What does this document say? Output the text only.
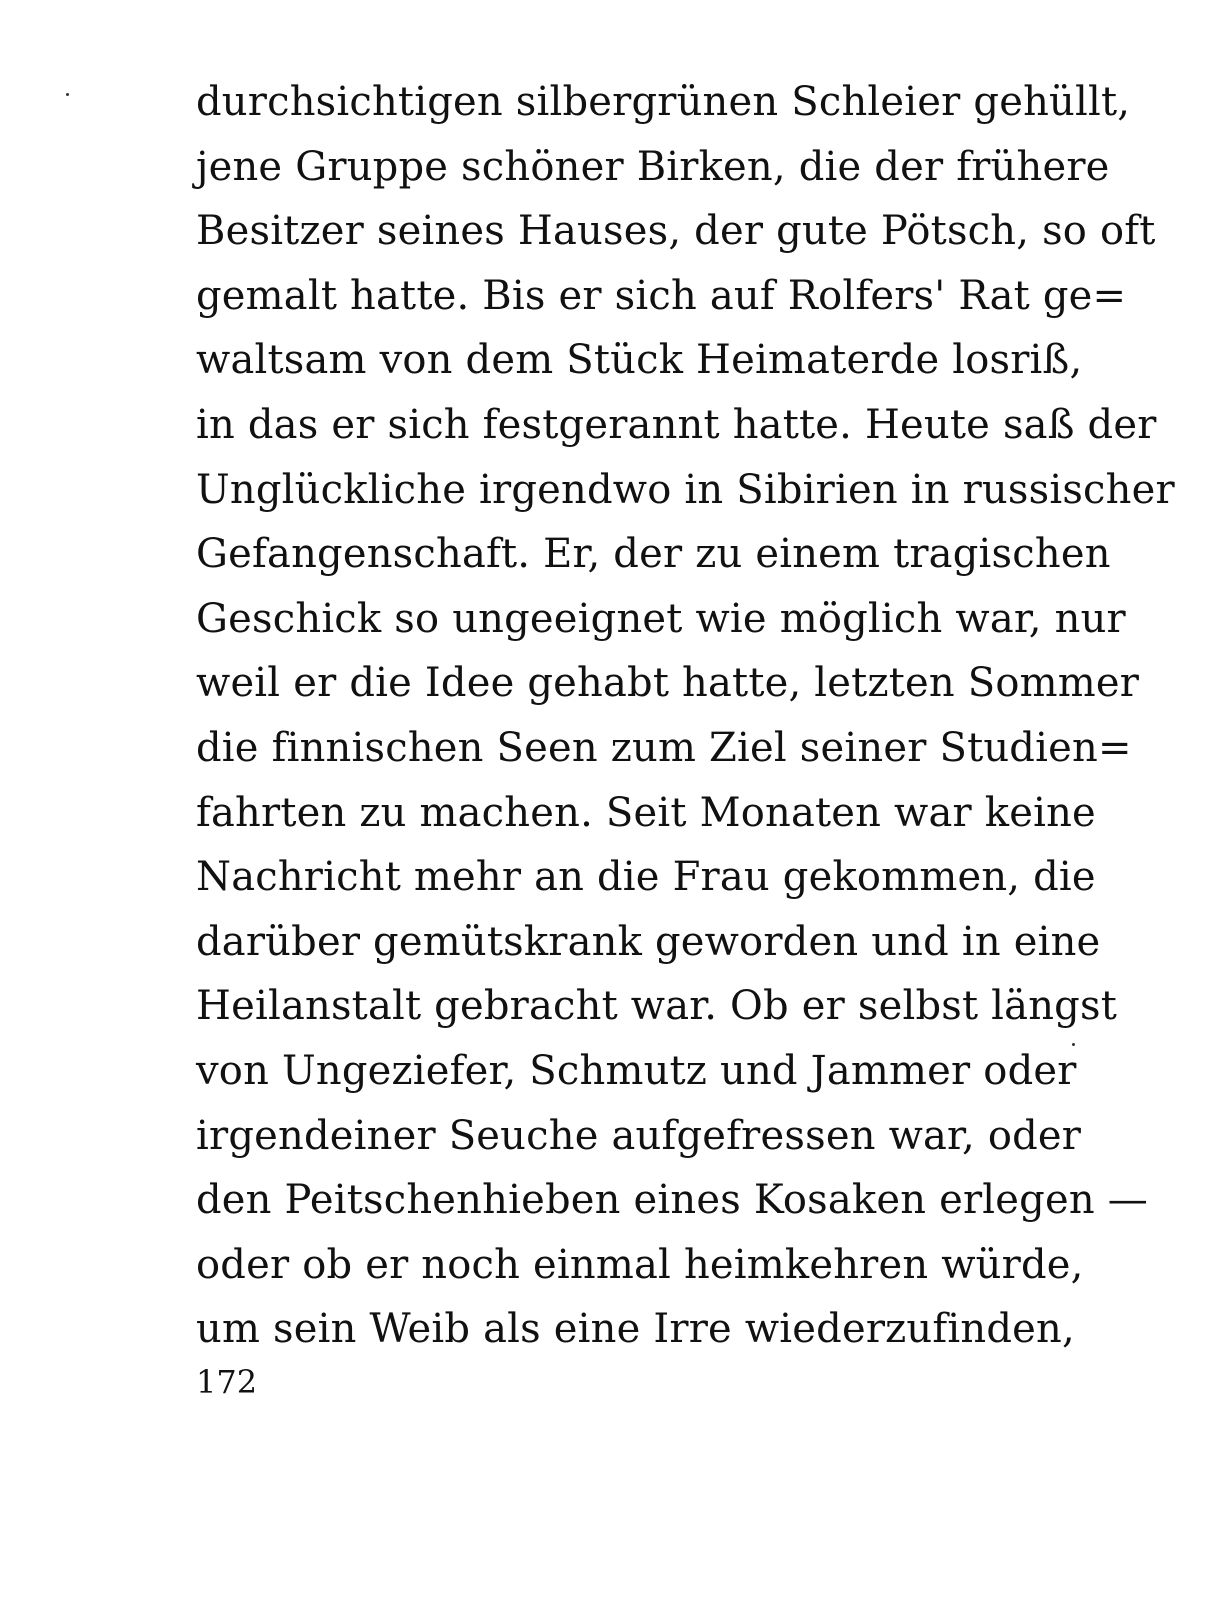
durchsichtigen silbergrünen Schleier gehüllt,
jene Gruppe schöner Birken, die der frühere
Besitzer seines Hauses, der gute Pötsch, so oft
gemalt hatte. Bis er sich auf Rolfers' Rat ge=
waltsam von dem Stück Heimaterde losriß,
in das er sich festgerannt hatte. Heute saß der
Unglückliche irgendwo in Sibirien in russischer
Gefangenschaft. Er, der zu einem tragischen
Geschick so ungeeignet wie möglich war, nur
weil er die Idee gehabt hatte, letzten Sommer
die finnischen Seen zum Ziel seiner Studien=
fahrten zu machen. Seit Monaten war keine
Nachricht mehr an die Frau gekommen, die
darüber gemütskrank geworden und in eine
Heilanstalt gebracht war. Ob er selbst längst
von Ungeziefer, Schmutz und Jammer oder
irgendeiner Seuche aufgefressen war, oder
den Peitschenhieben eines Kosaken erlegen —
oder ob er noch einmal heimkehren würde,
um sein Weib als eine Irre wiederzufinden,
172
